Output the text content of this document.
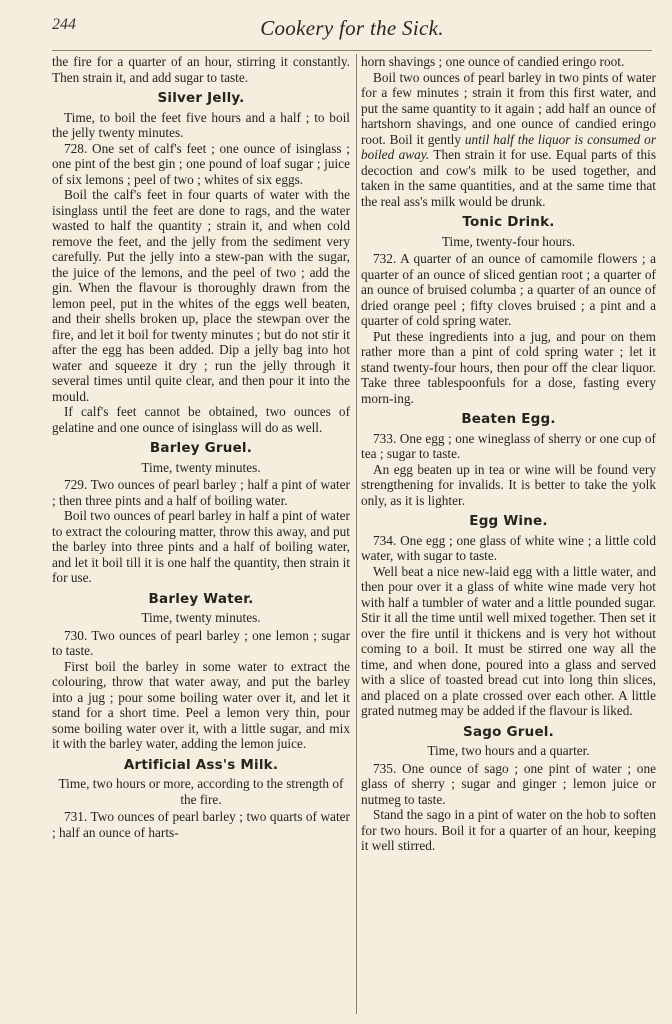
244	Cookery for the Sick.

the fire for a quarter of an hour, stirring it constantly. Then strain it, and add sugar to taste.

Silver Jelly.

Time, to boil the feet five hours and a half ; to boil the jelly twenty minutes.

728. One set of calf's feet ; one ounce of isinglass ; one pint of the best gin ; one pound of loaf sugar ; juice of six lemons ; peel of two ; whites of six eggs.

Boil the calf's feet in four quarts of water with the isinglass until the feet are done to rags, and the water wasted to half the quantity ; strain it, and when cold remove the feet, and the jelly from the sediment very carefully. Put the jelly into a stew-pan with the sugar, the juice of the lemons, and the peel of two ; add the gin. When the flavour is thoroughly drawn from the lemon peel, put in the whites of the eggs well beaten, and their shells broken up, place the stewpan over the fire, and let it boil for twenty minutes ; but do not stir it after the egg has been added. Dip a jelly bag into hot water and squeeze it dry ; run the jelly through it several times until quite clear, and then pour it into the mould.

If calf's feet cannot be obtained, two ounces of gelatine and one ounce of isinglass will do as well.

Barley Gruel.

Time, twenty minutes.

729. Two ounces of pearl barley ; half a pint of water ; then three pints and a half of boiling water.

Boil two ounces of pearl barley in half a pint of water to extract the colouring matter, throw this away, and put the barley into three pints and a half of boiling water, and let it boil till it is one half the quantity, then strain it for use.

Barley Water.

Time, twenty minutes.

730. Two ounces of pearl barley ; one lemon ; sugar to taste.

First boil the barley in some water to extract the colouring, throw that water away, and put the barley into a jug ; pour some boiling water over it, and let it stand for a short time. Peel a lemon very thin, pour some boiling water over it, with a little sugar, and mix it with the barley water, adding the lemon juice.

Artificial Ass's Milk.

Time, two hours or more, according to the strength of the fire.

731. Two ounces of pearl barley ; two quarts of water ; half an ounce of harts-

horn shavings ; one ounce of candied eringo root.

Boil two ounces of pearl barley in two pints of water for a few minutes ; strain it from this first water, and put the same quantity to it again ; add half an ounce of hartshorn shavings, and one ounce of candied eringo root. Boil it gently until half the liquor is consumed or boiled away. Then strain it for use. Equal parts of this decoction and cow's milk to be used together, and taken in the same quantities, and at the same time that the real ass's milk would be drunk.

Tonic Drink.

Time, twenty-four hours.

732. A quarter of an ounce of camomile flowers ; a quarter of an ounce of sliced gentian root ; a quarter of an ounce of bruised columba ; a quarter of an ounce of dried orange peel ; fifty cloves bruised ; a pint and a quarter of cold spring water.

Put these ingredients into a jug, and pour on them rather more than a pint of cold spring water ; let it stand twenty-four hours, then pour off the clear liquor. Take three tablespoonfuls for a dose, fasting every morn-ing.

Beaten Egg.

733. One egg ; one wineglass of sherry or one cup of tea ; sugar to taste.

An egg beaten up in tea or wine will be found very strengthening for invalids. It is better to take the yolk only, as it is lighter.

Egg Wine.

734. One egg ; one glass of white wine ; a little cold water, with sugar to taste.

Well beat a nice new-laid egg with a little water, and then pour over it a glass of white wine made very hot with half a tumbler of water and a little pounded sugar. Stir it all the time until well mixed together. Then set it over the fire until it thickens and is very hot without coming to a boil. It must be stirred one way all the time, and when done, poured into a glass and served with a slice of toasted bread cut into long thin slices, and placed on a plate crossed over each other. A little grated nutmeg may be added if the flavour is liked.

Sago Gruel.

Time, two hours and a quarter.

735. One ounce of sago ; one pint of water ; one glass of sherry ; sugar and ginger ; lemon juice or nutmeg to taste.

Stand the sago in a pint of water on the hob to soften for two hours. Boil it for a quarter of an hour, keeping it well stirred.
